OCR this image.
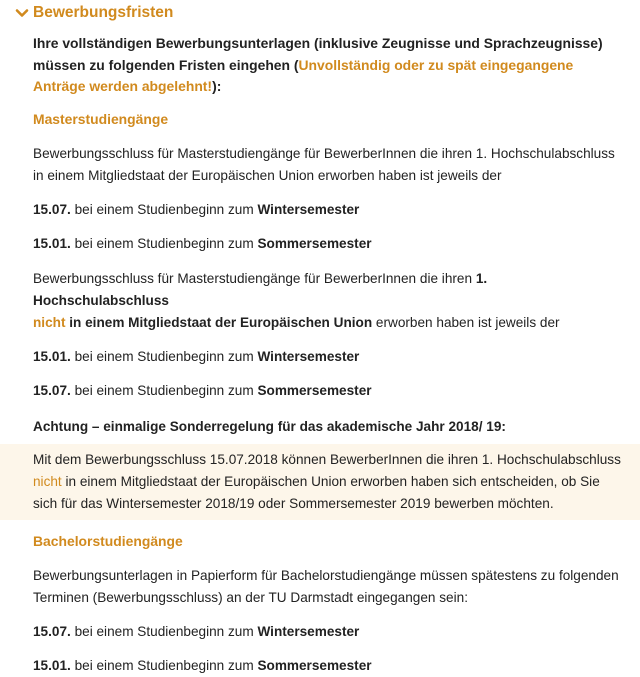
Bewerbungsfristen

Ihre vollständigen Bewerbungsunterlagen (inklusive Zeugnisse und Sprachzeugnisse) müssen zu folgenden Fristen eingehen (Unvollständig oder zu spät eingegangene Anträge werden abgelehnt!):

Masterstudiengänge

Bewerbungsschluss für Masterstudiengänge für BewerberInnen die ihren 1. Hochschulabschluss in einem Mitgliedstaat der Europäischen Union erworben haben ist jeweils der

15.07. bei einem Studienbeginn zum Wintersemester

15.01. bei einem Studienbeginn zum Sommersemester

Bewerbungsschluss für Masterstudiengänge für BewerberInnen die ihren 1. Hochschulabschluss
nicht in einem Mitgliedstaat der Europäischen Union erworben haben ist jeweils der

15.01. bei einem Studienbeginn zum Wintersemester

15.07. bei einem Studienbeginn zum Sommersemester

Achtung – einmalige Sonderregelung für das akademische Jahr 2018/ 19:

Mit dem Bewerbungsschluss 15.07.2018 können BewerberInnen die ihren 1. Hochschulabschluss nicht in einem Mitgliedstaat der Europäischen Union erworben haben sich entscheiden, ob Sie sich für das Wintersemester 2018/19 oder Sommersemester 2019 bewerben möchten.

Bachelorstudiengänge

Bewerbungsunterlagen in Papierform für Bachelorstudiengänge müssen spätestens zu folgenden Terminen (Bewerbungsschluss) an der TU Darmstadt eingegangen sein:

15.07. bei einem Studienbeginn zum Wintersemester

15.01. bei einem Studienbeginn zum Sommersemester
